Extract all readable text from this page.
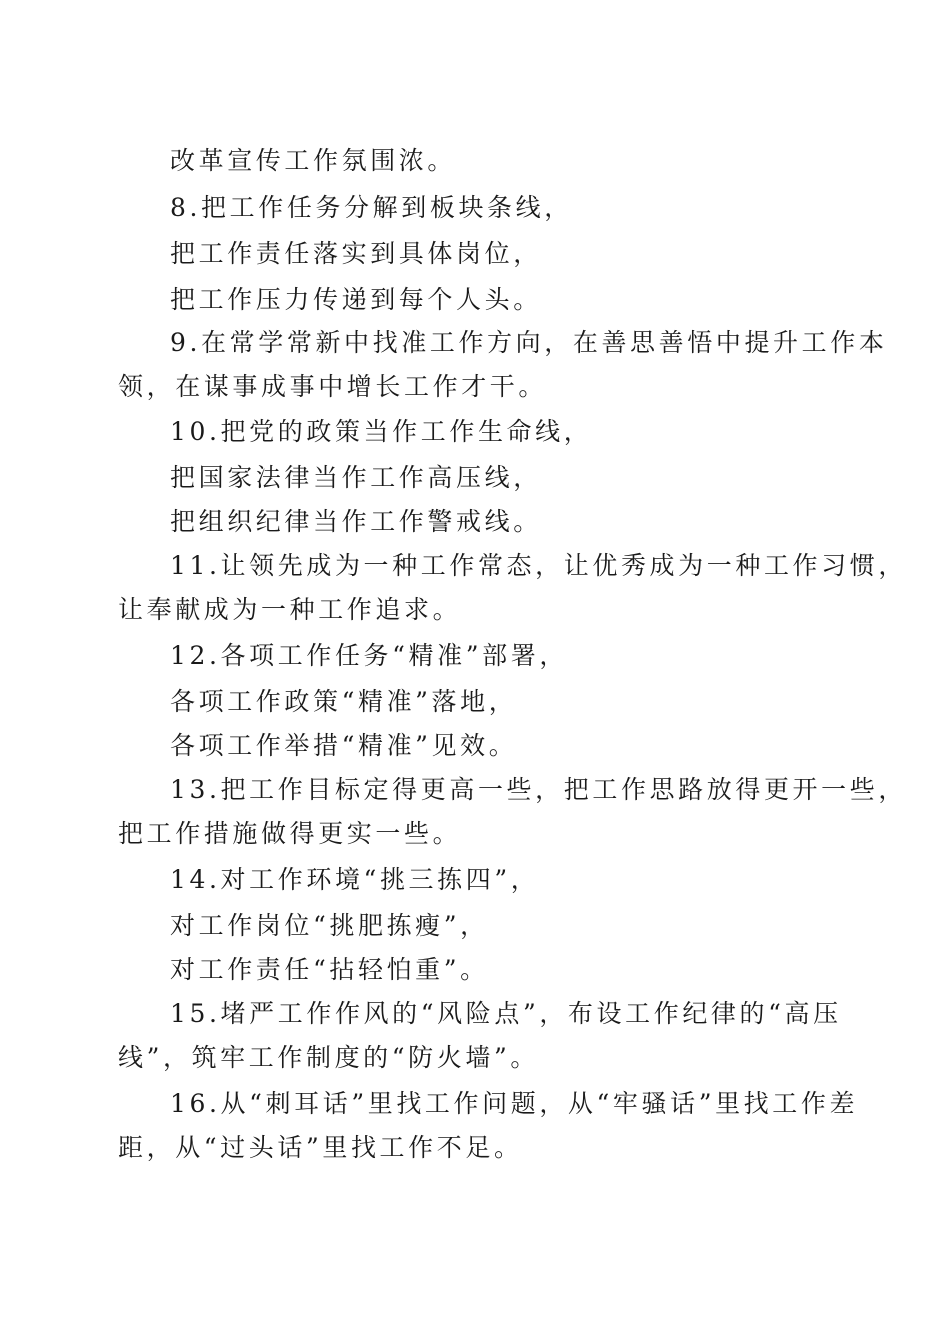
改革宣传工作氛围浓。
8.把工作任务分解到板块条线，
把工作责任落实到具体岗位，
把工作压力传递到每个人头。
9.在常学常新中找准工作方向，在善思善悟中提升工作本
领，在谋事成事中增长工作才干。
10.把党的政策当作工作生命线，
把国家法律当作工作高压线，
把组织纪律当作工作警戒线。
11.让领先成为一种工作常态，让优秀成为一种工作习惯，
让奉献成为一种工作追求。
12.各项工作任务“精准”部署，
各项工作政策“精准”落地，
各项工作举措“精准”见效。
13.把工作目标定得更高一些，把工作思路放得更开一些，
把工作措施做得更实一些。
14.对工作环境“挑三拣四”，
对工作岗位“挑肥拣瘦”，
对工作责任“拈轻怕重”。
15.堵严工作作风的“风险点”，布设工作纪律的“高压
线”，筑牢工作制度的“防火墙”。
16.从“刺耳话”里找工作问题，从“牢骚话”里找工作差
距，从“过头话”里找工作不足。
